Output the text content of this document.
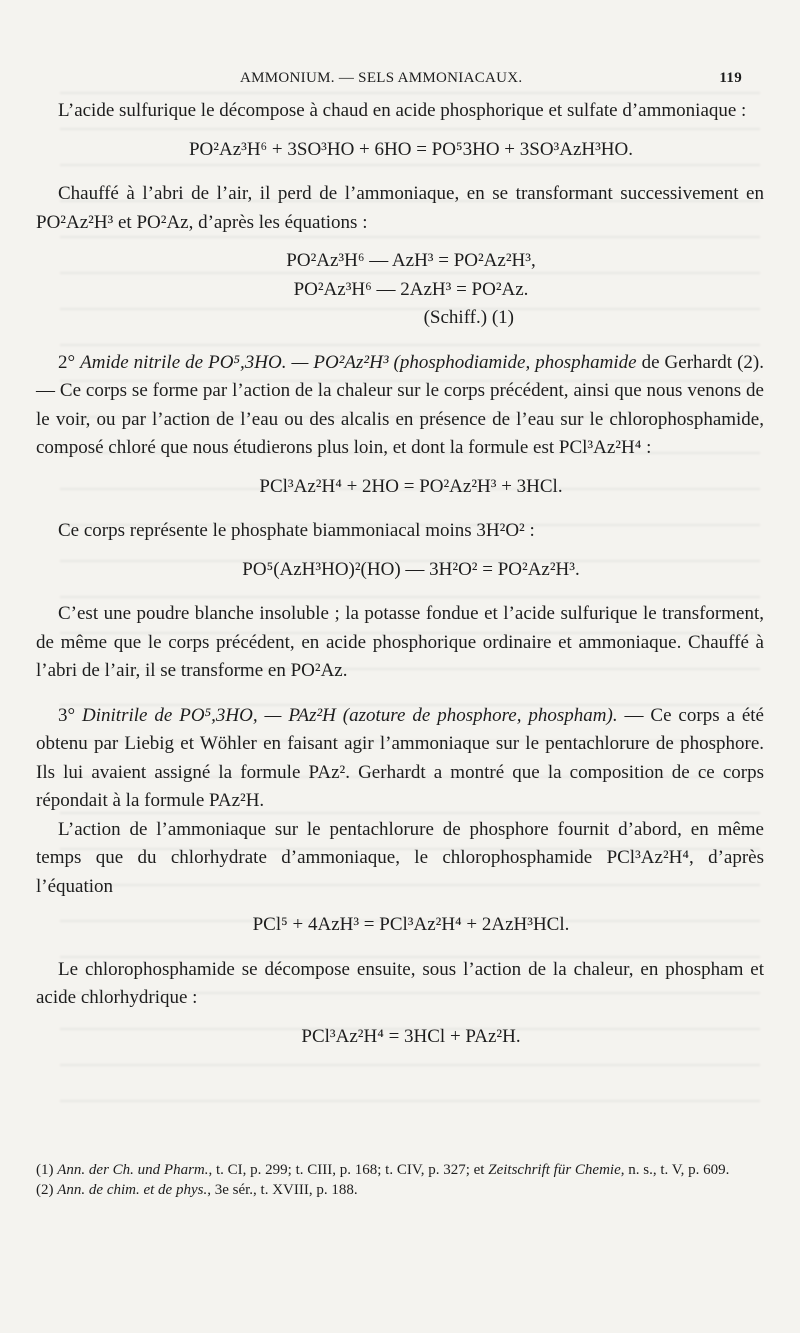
AMMONIUM. — SELS AMMONIACAUX.	119

L’acide sulfurique le décompose à chaud en acide phosphorique et sulfate d’ammoniaque :

PO²Az³H⁶ + 3SO³HO + 6HO = PO⁵3HO + 3SO³AzH³HO.

Chauffé à l’abri de l’air, il perd de l’ammoniaque, en se transformant successivement en PO²Az²H³ et PO²Az, d’après les équations :

PO²Az³H⁶ — AzH³ = PO²Az²H³,

PO²Az³H⁶ — 2AzH³ = PO²Az.

(Schiff.) (1)

2° Amide nitrile de PO⁵,3HO. — PO²Az²H³ (phosphodiamide, phosphamide de Gerhardt (2). — Ce corps se forme par l’action de la chaleur sur le corps précédent, ainsi que nous venons de le voir, ou par l’action de l’eau ou des alcalis en présence de l’eau sur le chlorophosphamide, composé chloré que nous étudierons plus loin, et dont la formule est PCl³Az²H⁴ :

PCl³Az²H⁴ + 2HO = PO²Az²H³ + 3HCl.

Ce corps représente le phosphate biammoniacal moins 3H²O² :

PO⁵(AzH³HO)²(HO) — 3H²O² = PO²Az²H³.

C’est une poudre blanche insoluble ; la potasse fondue et l’acide sulfurique le transforment, de même que le corps précédent, en acide phosphorique ordinaire et ammoniaque. Chauffé à l’abri de l’air, il se transforme en PO²Az.

3° Dinitrile de PO⁵,3HO, — PAz²H (azoture de phosphore, phospham). — Ce corps a été obtenu par Liebig et Wöhler en faisant agir l’ammoniaque sur le pentachlorure de phosphore. Ils lui avaient assigné la formule PAz². Gerhardt a montré que la composition de ce corps répondait à la formule PAz²H.

L’action de l’ammoniaque sur le pentachlorure de phosphore fournit d’abord, en même temps que du chlorhydrate d’ammoniaque, le chlorophosphamide PCl³Az²H⁴, d’après l’équation

PCl⁵ + 4AzH³ = PCl³Az²H⁴ + 2AzH³HCl.

Le chlorophosphamide se décompose ensuite, sous l’action de la chaleur, en phospham et acide chlorhydrique :

PCl³Az²H⁴ = 3HCl + PAz²H.

(1) Ann. der Ch. und Pharm., t. CI, p. 299; t. CIII, p. 168; t. CIV, p. 327; et Zeitschrift für Chemie, n. s., t. V, p. 609.

(2) Ann. de chim. et de phys., 3e sér., t. XVIII, p. 188.
